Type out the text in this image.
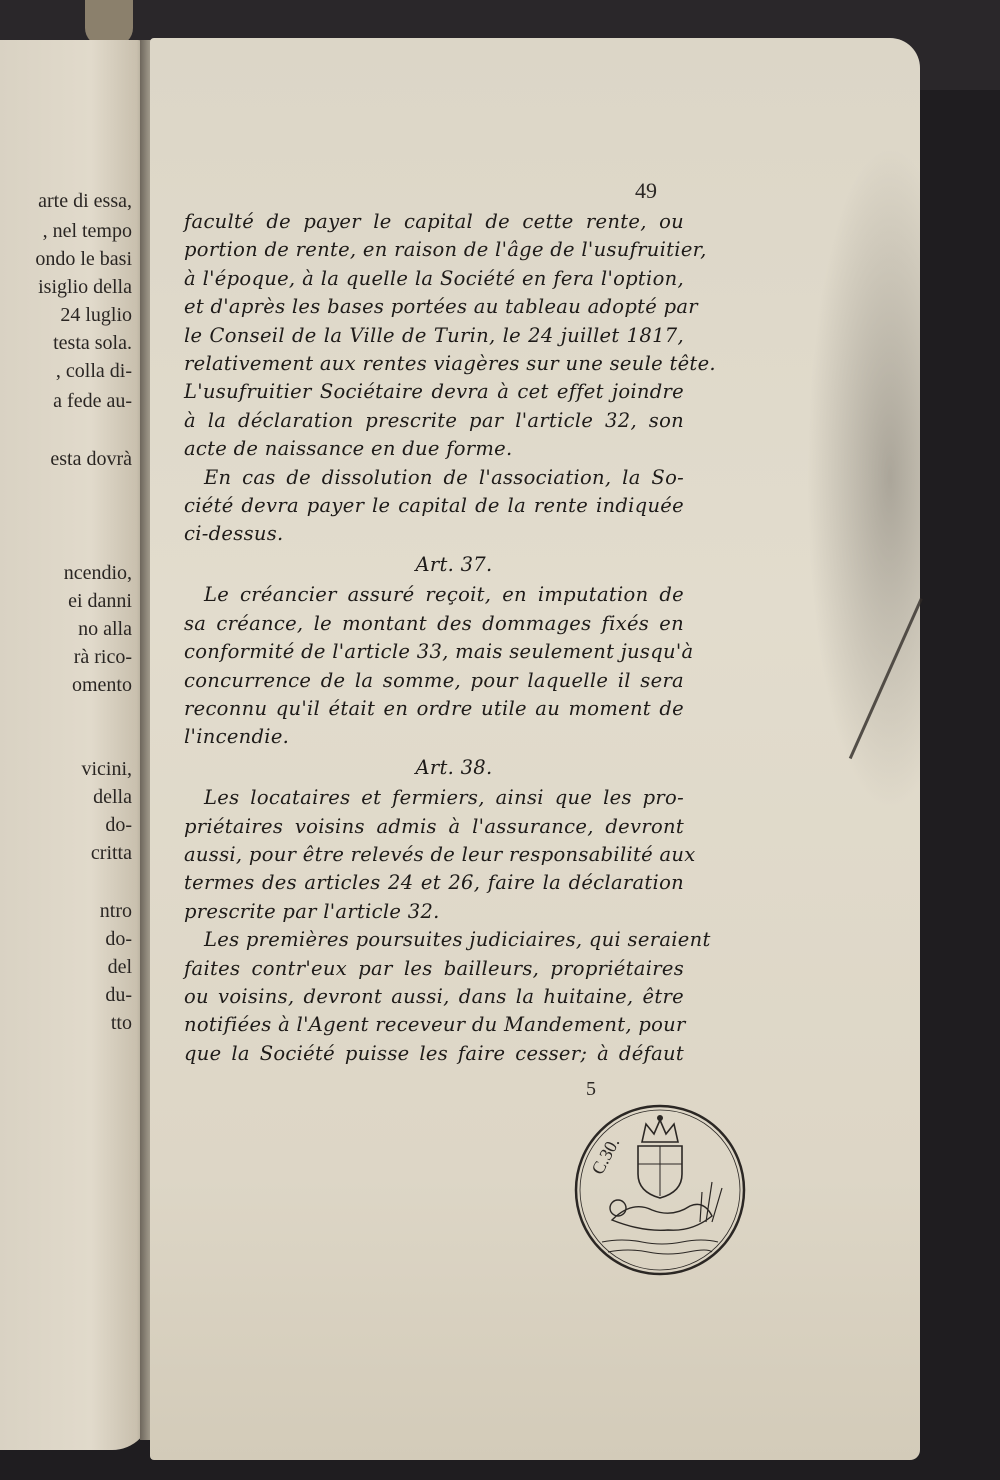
arte di essa,
, nel tempo
ondo le basi
isiglio della
24 luglio
testa sola.
, colla di-
a fede au-
esta dovrà
ncendio,
ei danni
no alla
rà rico-
omento
vicini,
della
do-
critta
ntro
do-
del
du-
tto
49
faculté de payer le capital de cette rente, ou
portion de rente, en raison de l'âge de l'usufruitier,
à l'époque, à la quelle la Société en fera l'option,
et d'après les bases portées au tableau adopté par
le Conseil de la Ville de Turin, le 24 juillet 1817,
relativement aux rentes viagères sur une seule tête.
L'usufruitier Sociétaire devra à cet effet joindre
à la déclaration prescrite par l'article 32, son
acte de naissance en due forme.
En cas de dissolution de l'association, la So-
ciété devra payer le capital de la rente indiquée
ci-dessus.
Art. 37.
Le créancier assuré reçoit, en imputation de
sa créance, le montant des dommages fixés en
conformité de l'article 33, mais seulement jusqu'à
concurrence de la somme, pour laquelle il sera
reconnu qu'il était en ordre utile au moment de
l'incendie.
Art. 38.
Les locataires et fermiers, ainsi que les pro-
priétaires voisins admis à l'assurance, devront
aussi, pour être relevés de leur responsabilité aux
termes des articles 24 et 26, faire la déclaration
prescrite par l'article 32.
Les premières poursuites judiciaires, qui seraient
faites contr'eux par les bailleurs, propriétaires
ou voisins, devront aussi, dans la huitaine, être
notifiées à l'Agent receveur du Mandement, pour
que la Société puisse les faire cesser; à défaut
5
C.30.
